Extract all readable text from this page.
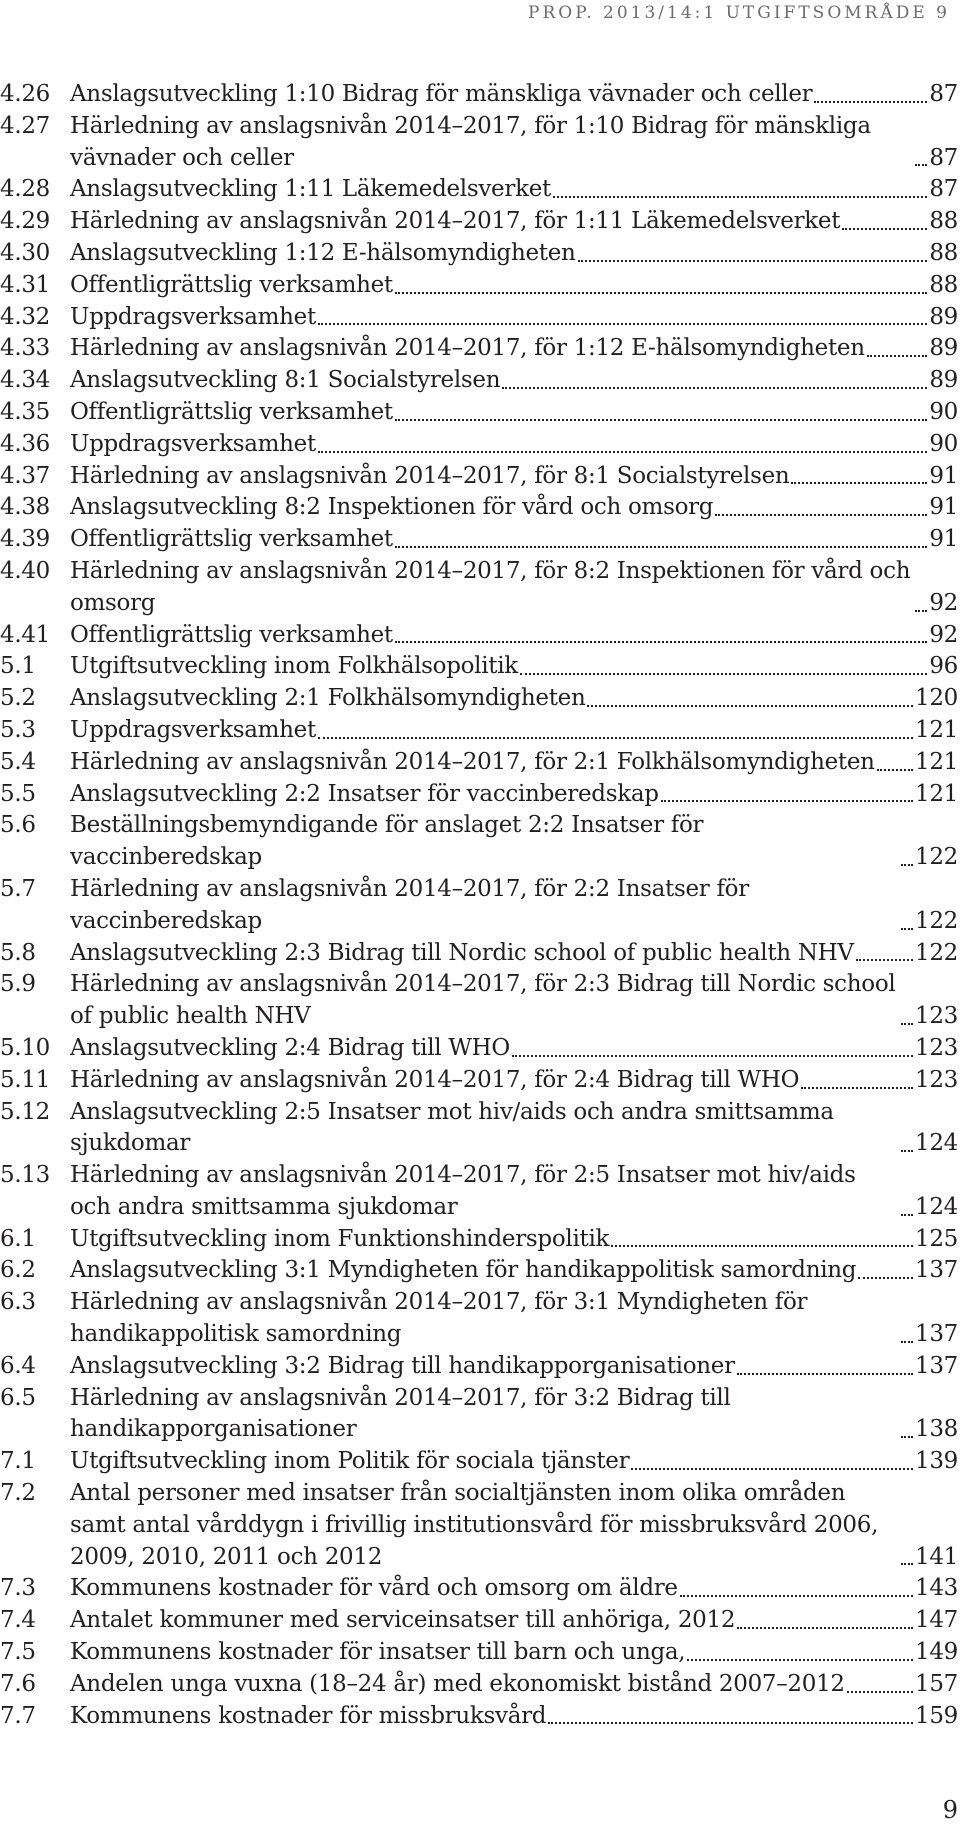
PROP. 2013/14:1 UTGIFTSOMRÅDE 9
4.26 Anslagsutveckling 1:10 Bidrag för mänskliga vävnader och celler	87
4.27 Härledning av anslagsnivån 2014–2017, för 1:10 Bidrag för mänskliga vävnader och celler	87
4.28 Anslagsutveckling 1:11 Läkemedelsverket	87
4.29 Härledning av anslagsnivån 2014–2017, för 1:11 Läkemedelsverket	88
4.30 Anslagsutveckling 1:12 E-hälsomyndigheten	88
4.31 Offentligrättslig verksamhet	88
4.32 Uppdragsverksamhet	89
4.33 Härledning av anslagsnivån 2014–2017, för 1:12 E-hälsomyndigheten	89
4.34 Anslagsutveckling 8:1 Socialstyrelsen	89
4.35 Offentligrättslig verksamhet	90
4.36 Uppdragsverksamhet	90
4.37 Härledning av anslagsnivån 2014–2017, för 8:1 Socialstyrelsen	91
4.38 Anslagsutveckling 8:2 Inspektionen för vård och omsorg	91
4.39 Offentligrättslig verksamhet	91
4.40 Härledning av anslagsnivån 2014–2017, för 8:2 Inspektionen för vård och omsorg	92
4.41 Offentligrättslig verksamhet	92
5.1	Utgiftsutveckling inom Folkhälsopolitik	96
5.2	Anslagsutveckling 2:1 Folkhälsomyndigheten	120
5.3	Uppdragsverksamhet	121
5.4	Härledning av anslagsnivån 2014–2017, för 2:1 Folkhälsomyndigheten 121
5.5	Anslagsutveckling 2:2 Insatser för vaccinberedskap	121
5.6	Beställningsbemyndigande för anslaget 2:2 Insatser för vaccinberedskap	122
5.7	Härledning av anslagsnivån 2014–2017, för 2:2 Insatser för vaccinberedskap	122
5.8	Anslagsutveckling 2:3 Bidrag till Nordic school of public health NHV	122
5.9	Härledning av anslagsnivån 2014–2017, för 2:3 Bidrag till Nordic school of public health NHV	123
5.10 Anslagsutveckling 2:4 Bidrag till WHO	123
5.11 Härledning av anslagsnivån 2014–2017, för 2:4 Bidrag till WHO	123
5.12 Anslagsutveckling 2:5 Insatser mot hiv/aids och andra smittsamma sjukdomar	124
5.13 Härledning av anslagsnivån 2014–2017, för 2:5 Insatser mot hiv/aids och andra smittsamma sjukdomar	124
6.1	Utgiftsutveckling inom Funktionshinderspolitik	125
6.2	Anslagsutveckling 3:1 Myndigheten för handikappolitisk samordning	137
6.3	Härledning av anslagsnivån 2014–2017, för 3:1 Myndigheten för handikappolitisk samordning	137
6.4	Anslagsutveckling 3:2 Bidrag till handikapporganisationer	137
6.5	Härledning av anslagsnivån 2014–2017, för 3:2 Bidrag till handikapporganisationer	138
7.1	Utgiftsutveckling inom Politik för sociala tjänster	139
7.2	Antal personer med insatser från socialtjänsten inom olika områden samt antal vårddygn i frivillig institutionsvård för missbruksvård 2006, 2009, 2010, 2011 och 2012	141
7.3	Kommunens kostnader för vård och omsorg om äldre	143
7.4	Antalet kommuner med serviceinsatser till anhöriga, 2012	147
7.5	Kommunens kostnader för insatser till barn och unga,	149
7.6	Andelen unga vuxna (18–24 år) med ekonomiskt bistånd 2007–2012	157
7.7	Kommunens kostnader för missbruksvård	159
9
